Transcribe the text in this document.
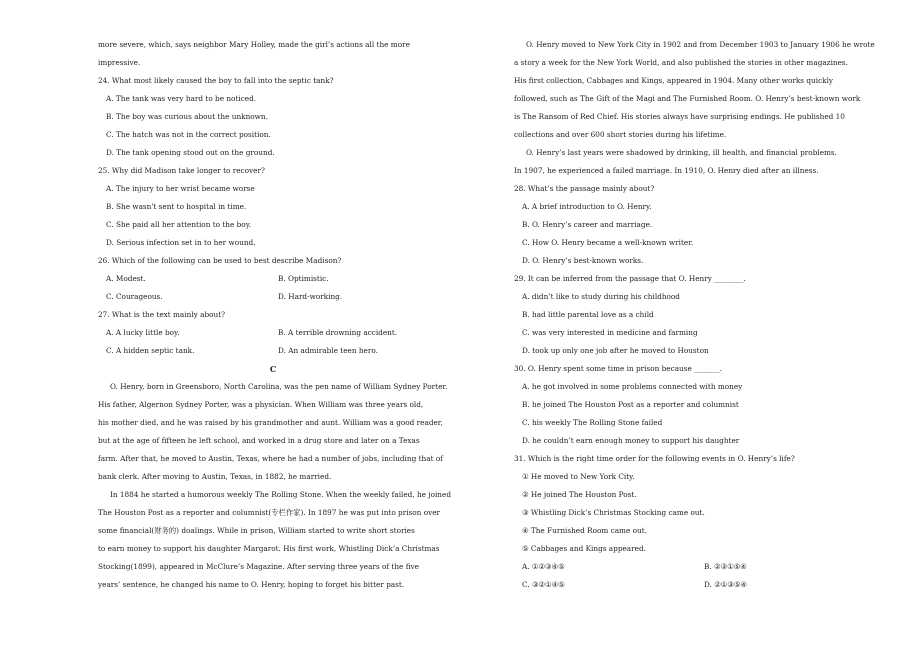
more severe, which, says neighbor Mary Holley, made the girl’s actions all the more
impressive.
24. What most likely caused the boy to fall into the septic tank?
A. The tank was very hard to be noticed.
B. The boy was curious about the unknown.
C. The hatch was not in the correct position.
D. The tank opening stood out on the ground.
25. Why did Madison take longer to recover?
A. The injury to her wrist became worse
B. She wasn't sent to hospital in time.
C. She paid all her attention to the boy.
D. Serious infection set in to her wound.
26. Which of the following can be used to best describe Madison?
A. Modest.	B. Optimistic.
C. Courageous.	D. Hard-working.
27. What is the text mainly about?
A. A lucky little boy.	B. A terrible drowning accident.
C. A hidden septic tank.	D. An admirable teen hero.
C
O. Henry, born in Greensboro, North Carolina, was the pen name of William Sydney Porter.
His father, Algernon Sydney Porter, was a physician. When William was three years old,
his mother died, and he was raised by his grandmother and aunt. William was a good reader,
but at the age of fifteen he left school, and worked in a drug store and later on a Texas
farm. After that, he moved to Austin, Texas, where he had a number of jobs, including that of
bank clerk. After moving to Austin, Texas, in 1882, he married.
In 1884 he started a humorous weekly The Rolling Stone. When the weekly failed, he joined
The Houston Post as a reporter and columnist(专栏作家). In 1897 he was put into prison over
some financial(财务的) doalings. While in prison, William started to write short stories
to earn money to support his daughter Margarot. His first work, Whistling Dick’a Christmas
Stocking(1899), appeared in McClure’s Magazine. After serving three years of the five
years’ sentence, he changed his name to O. Henry, hoping to forget his bitter past.
O. Henry moved to New York City in 1902 and from December 1903 to January 1906 he wrote
a story a week for the New York World, and also published the stories in other magazines.
His first collection, Cabbages and Kings, appeared in 1904. Many other works quickly
followed, such as The Gift of the Magi and The Furnished Room. O. Henry’s best-known work
is The Ransom of Red Chief. His stories always have surprising endings. He published 10
collections and over 600 short stories during his lifetime.
O. Henry’s last years were shadowed by drinking, ill health, and financial problems.
In 1907, he experienced a failed marriage. In 1910, O. Henry died after an illness.
28. What’s the passage mainly about?
A. A brief introduction to O. Henry.
B. O. Henry’s career and marriage.
C. How O. Henry became a well-known writer.
D. O. Henry’s best-known works.
29. It can be inferred from the passage that O. Henry ________.
A. didn’t like to study during his childhood
B. had little parental love as a child
C. was very interested in medicine and farming
D. took up only one job after he moved to Houston
30. O. Henry spent some time in prison because _______.
A. he got involved in some problems connected with money
B. he joined The Houston Post as a reporter and columnist
C. his weekly The Rolling Stone failed
D. he couldn’t earn enough money to support his daughter
31. Which is the right time order for the following events in O. Henry’s life?
① He moved to New York City.
② He joined The Houston Post.
③ Whistling Dick’s Christmas Stocking came out.
④ The Furnished Room came out.
⑤ Cabbages and Kings appeared.
A. ①②③④⑤	B. ②③①⑤④
C. ③②①④⑤	D. ②①③⑤④
